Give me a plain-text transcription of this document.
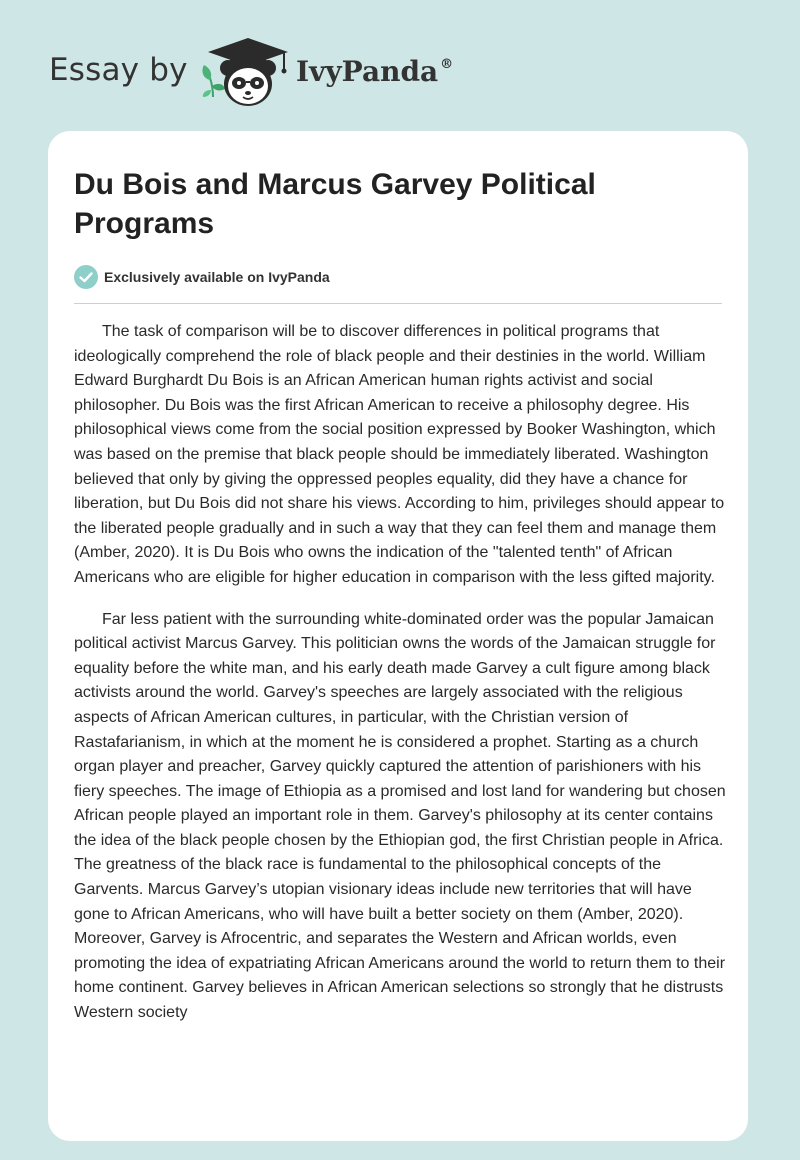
Essay by	IvyPanda ®
Du Bois and Marcus Garvey Political Programs
Exclusively available on IvyPanda

The task of comparison will be to discover differences in political programs that ideologically comprehend the role of black people and their destinies in the world. William Edward Burghardt Du Bois is an African American human rights activist and social philosopher. Du Bois was the first African American to receive a philosophy degree. His philosophical views come from the social position expressed by Booker Washington, which was based on the premise that black people should be immediately liberated. Washington believed that only by giving the oppressed peoples equality, did they have a chance for liberation, but Du Bois did not share his views. According to him, privileges should appear to the liberated people gradually and in such a way that they can feel them and manage them (Amber, 2020). It is Du Bois who owns the indication of the "talented tenth" of African Americans who are eligible for higher education in comparison with the less gifted majority.

Far less patient with the surrounding white-dominated order was the popular Jamaican political activist Marcus Garvey. This politician owns the words of the Jamaican struggle for equality before the white man, and his early death made Garvey a cult figure among black activists around the world. Garvey's speeches are largely associated with the religious aspects of African American cultures, in particular, with the Christian version of Rastafarianism, in which at the moment he is considered a prophet. Starting as a church organ player and preacher, Garvey quickly captured the attention of parishioners with his fiery speeches. The image of Ethiopia as a promised and lost land for wandering but chosen African people played an important role in them. Garvey's philosophy at its center contains the idea of the black people chosen by the Ethiopian god, the first Christian people in Africa. The greatness of the black race is fundamental to the philosophical concepts of the Garvents. Marcus Garvey’s utopian visionary ideas include new territories that will have gone to African Americans, who will have built a better society on them (Amber, 2020). Moreover, Garvey is Afrocentric, and separates the Western and African worlds, even promoting the idea of expatriating African Americans around the world to return them to their home continent. Garvey believes in African American selections so strongly that he distrusts Western society
